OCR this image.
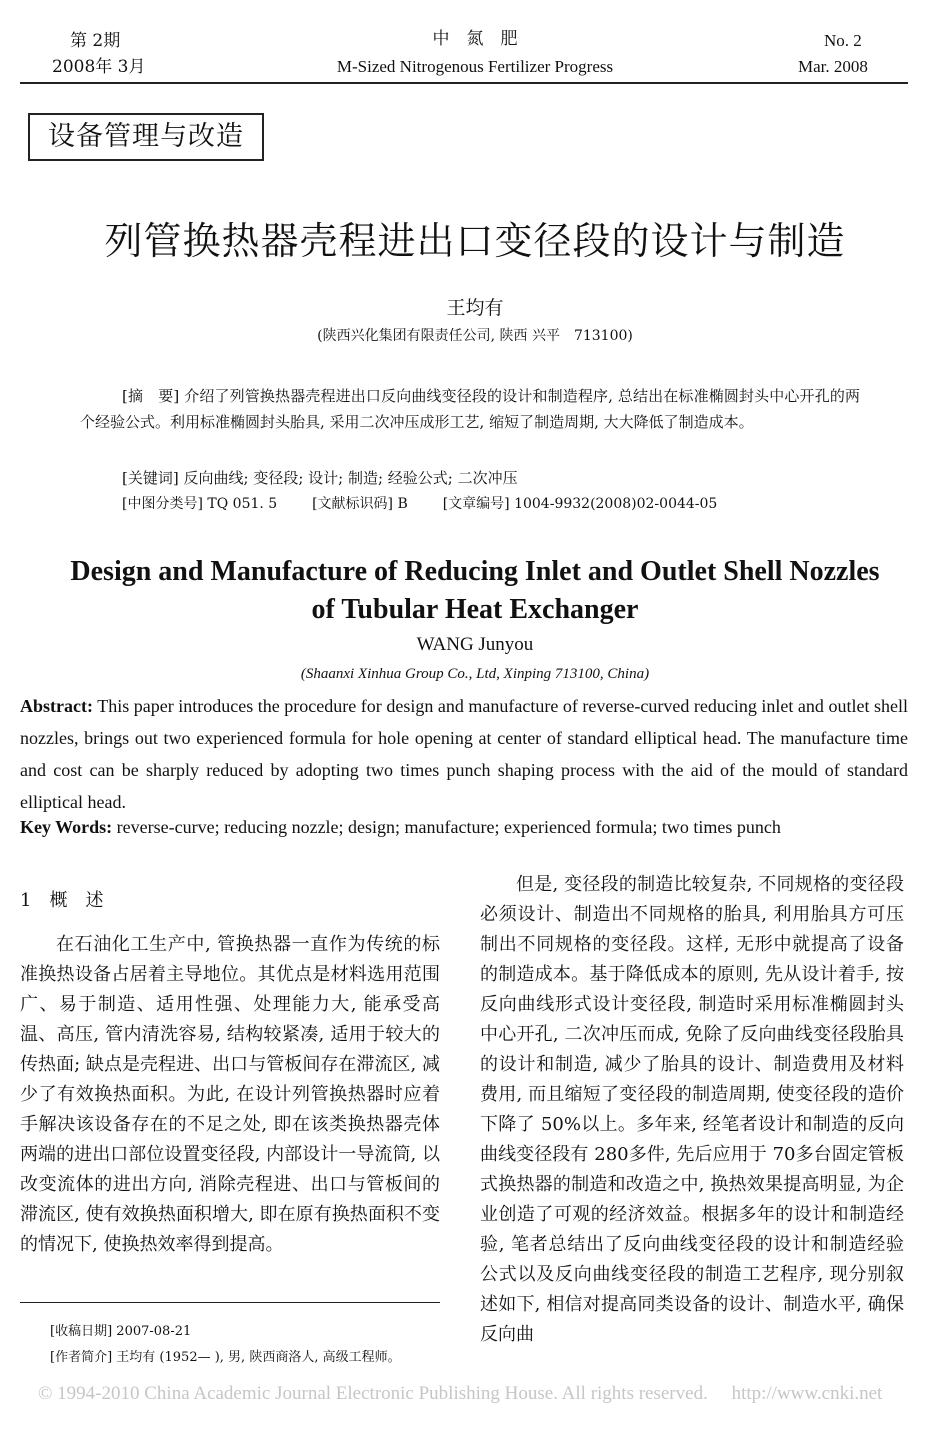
第 2期	中　氮　肥	No. 2
2008年 3月	M-Sized Nitrogenous Fertilizer Progress	Mar. 2008
设备管理与改造
列管换热器壳程进出口变径段的设计与制造
王均有
(陕西兴化集团有限责任公司, 陕西 兴平　713100)
[摘　要] 介绍了列管换热器壳程进出口反向曲线变径段的设计和制造程序, 总结出在标准椭圆封头中心开孔的两个经验公式。利用标准椭圆封头胎具, 采用二次冲压成形工艺, 缩短了制造周期, 大大降低了制造成本。
[关键词] 反向曲线; 变径段; 设计; 制造; 经验公式; 二次冲压
[中图分类号] TQ 051. 5 [文献标识码] B [文章编号] 1004-9932(2008)02-0044-05
Design and Manufacture of Reducing Inlet and Outlet Shell Nozzles
of Tubular Heat Exchanger
WANG Junyou
(Shaanxi Xinhua Group Co., Ltd, Xinping 713100, China)
Abstract: This paper introduces the procedure for design and manufacture of reverse-curved reducing inlet and outlet shell nozzles, brings out two experienced formula for hole opening at center of standard elliptical head. The manufacture time and cost can be sharply reduced by adopting two times punch shaping process with the aid of the mould of standard elliptical head.
Key Words: reverse-curve; reducing nozzle; design; manufacture; experienced formula; two times punch
1　概　述
在石油化工生产中, 管换热器一直作为传统的标准换热设备占居着主导地位。其优点是材料选用范围广、易于制造、适用性强、处理能力大, 能承受高温、高压, 管内清洗容易, 结构较紧凑, 适用于较大的传热面; 缺点是壳程进、出口与管板间存在滞流区, 减少了有效换热面积。为此, 在设计列管换热器时应着手解决该设备存在的不足之处, 即在该类换热器壳体两端的进出口部位设置变径段, 内部设计一导流筒, 以改变流体的进出方向, 消除壳程进、出口与管板间的滞流区, 使有效换热面积增大, 即在原有换热面积不变的情况下, 使换热效率得到提高。
但是, 变径段的制造比较复杂, 不同规格的变径段必须设计、制造出不同规格的胎具, 利用胎具方可压制出不同规格的变径段。这样, 无形中就提高了设备的制造成本。基于降低成本的原则, 先从设计着手, 按反向曲线形式设计变径段, 制造时采用标准椭圆封头中心开孔, 二次冲压而成, 免除了反向曲线变径段胎具的设计和制造, 减少了胎具的设计、制造费用及材料费用, 而且缩短了变径段的制造周期, 使变径段的造价下降了 50%以上。多年来, 经笔者设计和制造的反向曲线变径段有 280多件, 先后应用于 70多台固定管板式换热器的制造和改造之中, 换热效果提高明显, 为企业创造了可观的经济效益。根据多年的设计和制造经验, 笔者总结出了反向曲线变径段的设计和制造经验公式以及反向曲线变径段的制造工艺程序, 现分别叙述如下, 相信对提高同类设备的设计、制造水平, 确保反向曲
[收稿日期] 2007-08-21
[作者简介] 王均有 (1952— ), 男, 陕西商洛人, 高级工程师。
© 1994-2010 China Academic Journal Electronic Publishing House. All rights reserved.　 http://www.cnki.net
